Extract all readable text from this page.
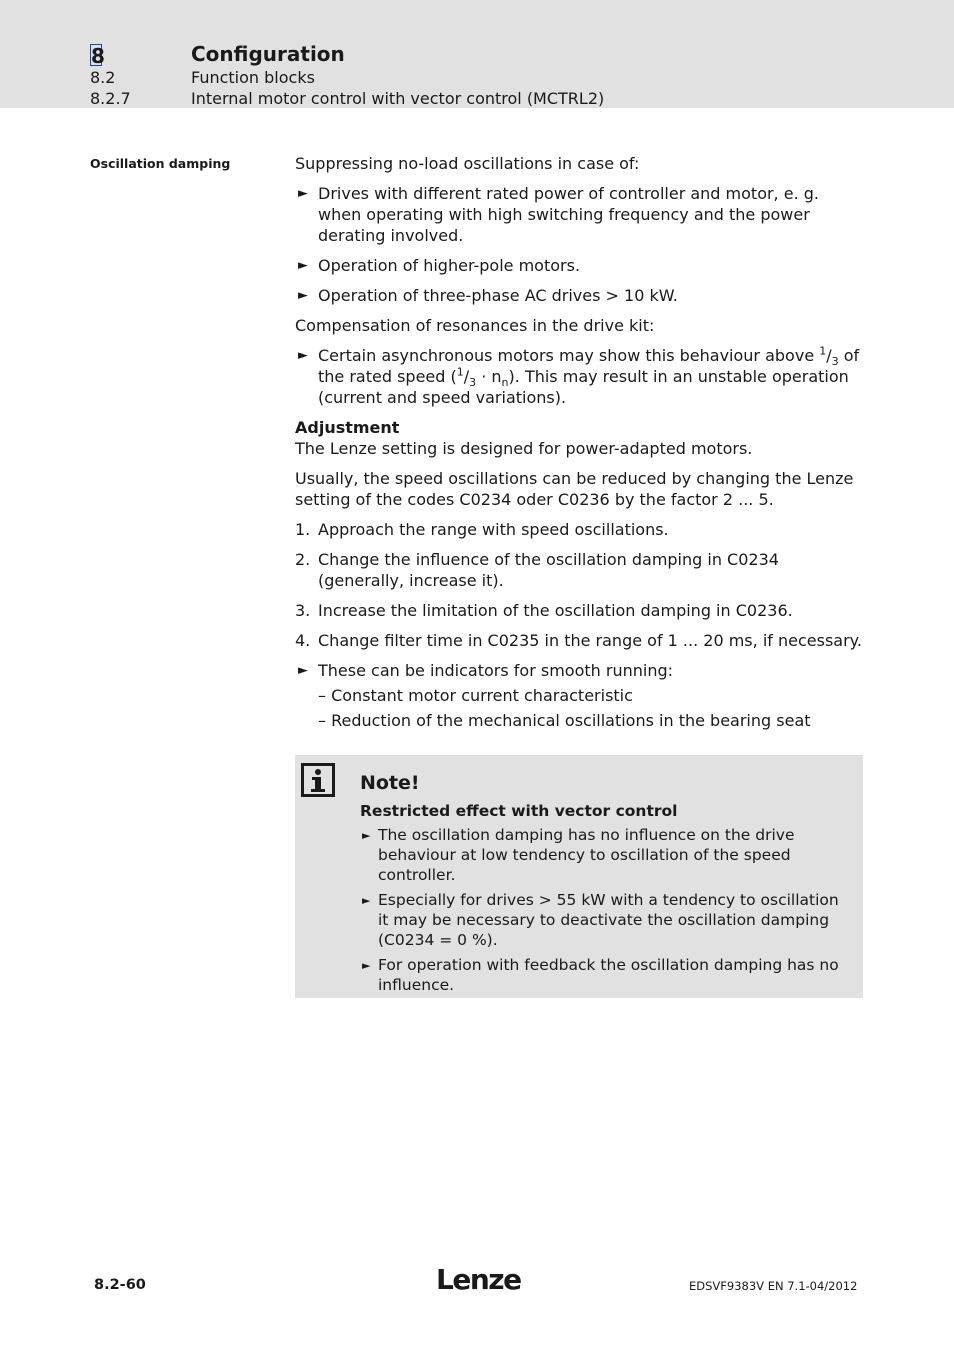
8	Configuration
8.2	Function blocks
8.2.7	Internal motor control with vector control (MCTRL2)
Oscillation damping	Suppressing no-load oscillations in case of:

► Drives with different rated power of controller and motor, e. g. when operating with high switching frequency and the power derating involved.
► Operation of higher-pole motors.
► Operation of three-phase AC drives > 10 kW.

Compensation of resonances in the drive kit:

► Certain asynchronous motors may show this behaviour above $^1/_3$ of the rated speed $(^1/_3 \cdot n_n)$. This may result in an unstable operation (current and speed variations).

Adjustment

The Lenze setting is designed for power-adapted motors.

Usually, the speed oscillations can be reduced by changing the Lenze setting of the codes C0234 oder C0236 by the factor 2 ... 5.

1. Approach the range with speed oscillations.
2. Change the influence of the oscillation damping in C0234 (generally, increase it).
3. Increase the limitation of the oscillation damping in C0236.
4. Change filter time in C0235 in the range of 1 ... 20 ms, if necessary.
► These can be indicators for smooth running:
– Constant motor current characteristic
– Reduction of the mechanical oscillations in the bearing seat
Note!
Restricted effect with vector control
► The oscillation damping has no influence on the drive behaviour at low tendency to oscillation of the speed controller.
► Especially for drives > 55 kW with a tendency to oscillation it may be necessary to deactivate the oscillation damping (C0234 = 0 %).
► For operation with feedback the oscillation damping has no influence.
8.2-60	Lenze	EDSVF9383V EN 7.1-04/2012
